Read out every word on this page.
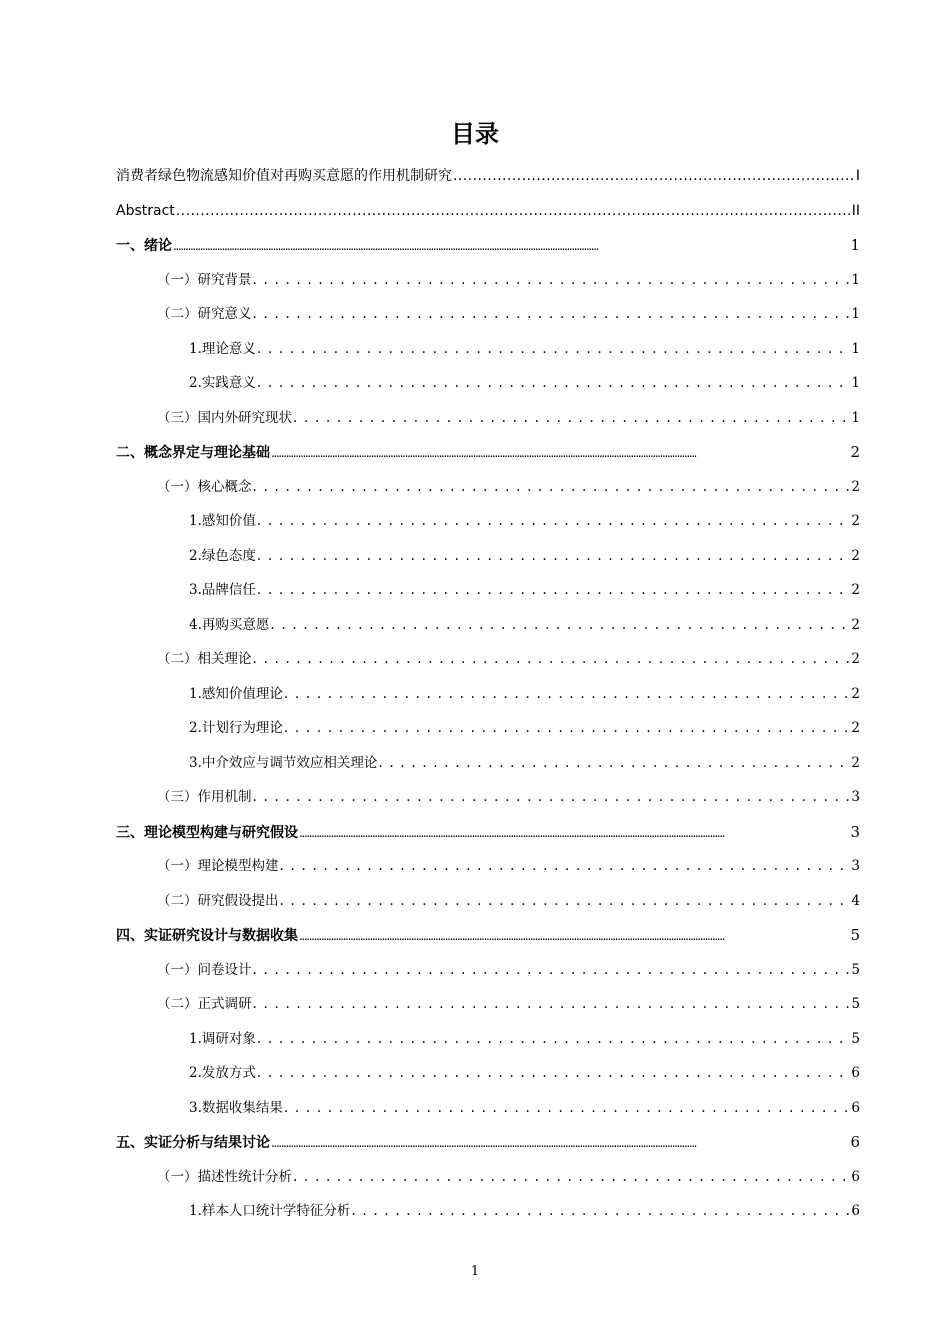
目录
消费者绿色物流感知价值对再购买意愿的作用机制研究 . . .	I
Abstract . . .	II
一、绪论 . . .	1
（一）研究背景 . . .	1
（二）研究意义 . . .	1
1.理论意义 . . .	1
2.实践意义 . . .	1
（三）国内外研究现状 . . .	1
二、概念界定与理论基础 . . .	2
（一）核心概念 . . .	2
1.感知价值 . . .	2
2.绿色态度 . . .	2
3.品牌信任 . . .	2
4.再购买意愿 . . .	2
（二）相关理论 . . .	2
1.感知价值理论 . . .	2
2.计划行为理论 . . .	2
3.中介效应与调节效应相关理论 . . .	2
（三）作用机制 . . .	3
三、理论模型构建与研究假设 . . .	3
（一）理论模型构建 . . .	3
（二）研究假设提出 . . .	4
四、实证研究设计与数据收集 . . .	5
（一）问卷设计 . . .	5
（二）正式调研 . . .	5
1.调研对象 . . .	5
2.发放方式 . . .	6
3.数据收集结果 . . .	6
五、实证分析与结果讨论 . . .	6
（一）描述性统计分析 . . .	6
1.样本人口统计学特征分析 . . .	6
1
